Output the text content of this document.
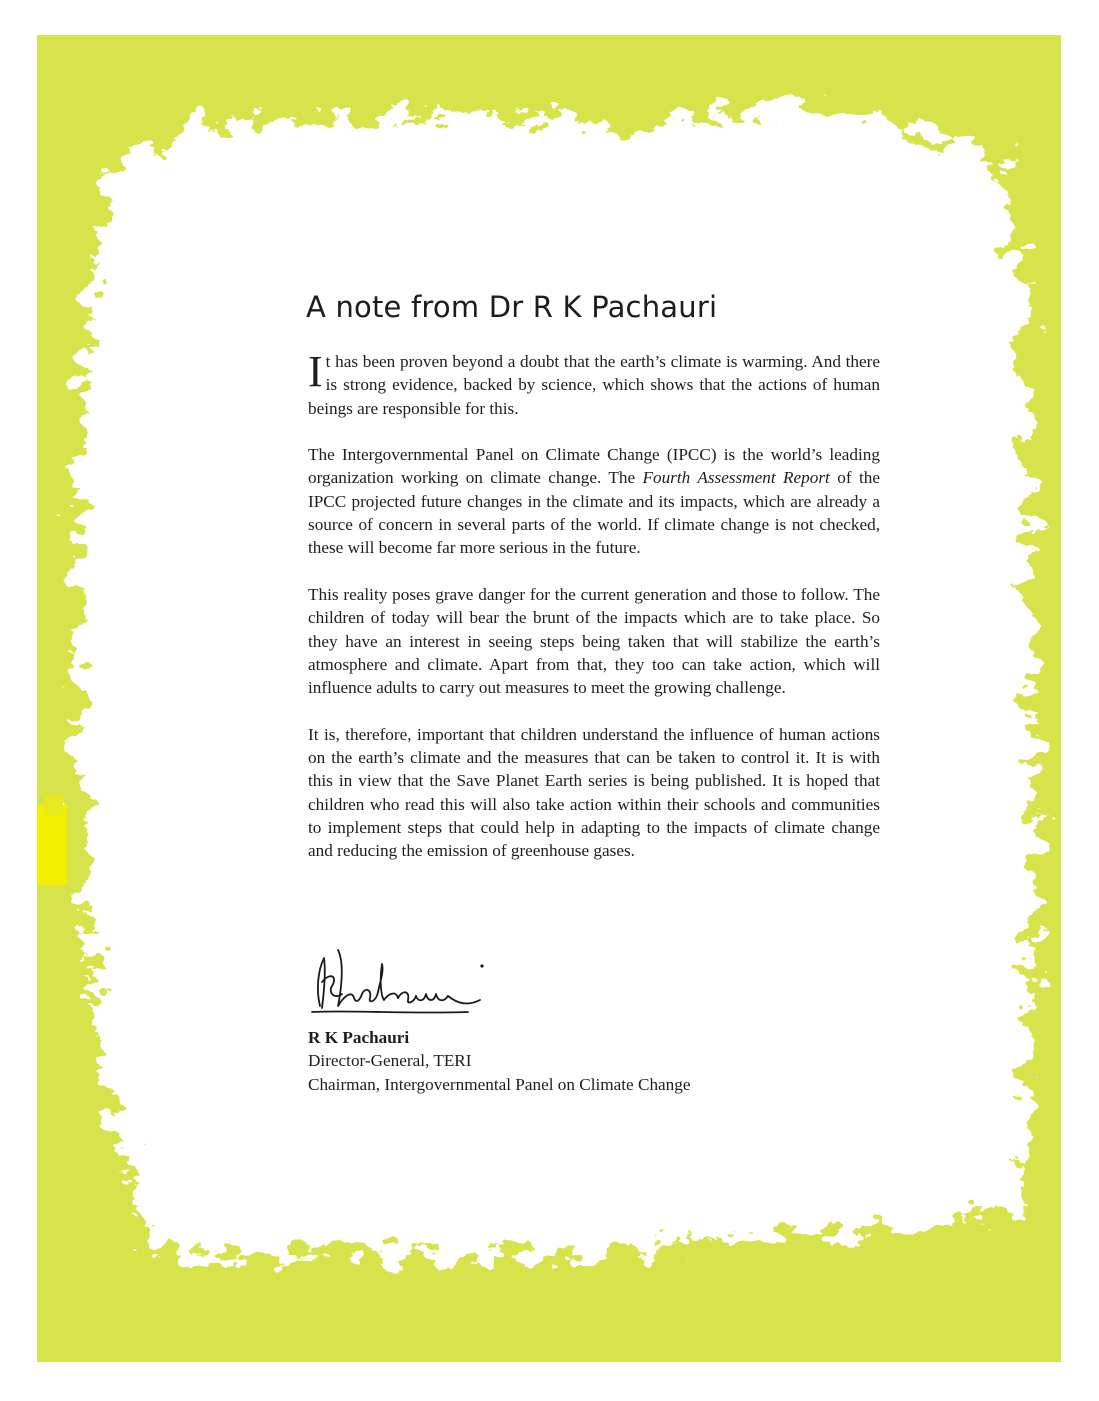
A note from Dr R K Pachauri

It has been proven beyond a doubt that the earth’s climate is warming. And there is strong evidence, backed by science, which shows that the actions of human beings are responsible for this.

The Intergovernmental Panel on Climate Change (IPCC) is the world’s leading organization working on climate change. The Fourth Assessment Report of the IPCC projected future changes in the climate and its impacts, which are already a source of concern in several parts of the world. If climate change is not checked, these will become far more serious in the future.

This reality poses grave danger for the current generation and those to follow. The children of today will bear the brunt of the impacts which are to take place. So they have an interest in seeing steps being taken that will stabilize the earth’s atmosphere and climate. Apart from that, they too can take action, which will influence adults to carry out measures to meet the growing challenge.

It is, therefore, important that children understand the influence of human actions on the earth’s climate and the measures that can be taken to control it. It is with this in view that the Save Planet Earth series is being published. It is hoped that children who read this will also take action within their schools and communities to implement steps that could help in adapting to the impacts of climate change and reducing the emission of greenhouse gases.

R K Pachauri
Director-General, TERI
Chairman, Intergovernmental Panel on Climate Change
